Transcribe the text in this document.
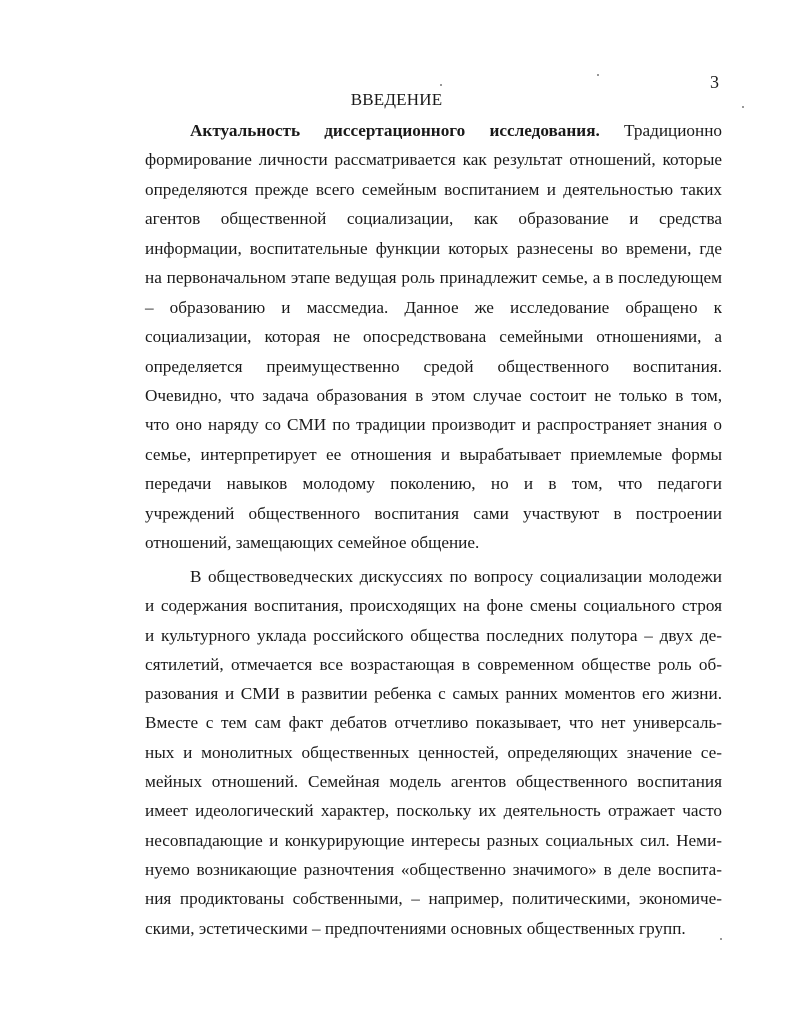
3
ВВЕДЕНИЕ
Актуальность диссертационного исследования. Традиционно
формирование личности рассматривается как результат отношений, которые
определяются прежде всего семейным воспитанием и деятельностью таких
агентов общественной социализации, как образование и средства
информации, воспитательные функции которых разнесены во времени, где
на первоначальном этапе ведущая роль принадлежит семье, а в последующем
– образованию и массмедиа. Данное же исследование обращено к
социализации, которая не опосредствована семейными отношениями, а
определяется преимущественно средой общественного воспитания.
Очевидно, что задача образования в этом случае состоит не только в том,
что оно наряду со СМИ по традиции производит и распространяет знания о
семье, интерпретирует ее отношения и вырабатывает приемлемые формы
передачи навыков молодому поколению, но и в том, что педагоги
учреждений общественного воспитания сами участвуют в построении
отношений, замещающих семейное общение.
В обществоведческих дискуссиях по вопросу социализации молодежи
и содержания воспитания, происходящих на фоне смены социального строя
и культурного уклада российского общества последних полутора – двух де-
сятилетий, отмечается все возрастающая в современном обществе роль об-
разования и СМИ в развитии ребенка с самых ранних моментов его жизни.
Вместе с тем сам факт дебатов отчетливо показывает, что нет универсаль-
ных и монолитных общественных ценностей, определяющих значение се-
мейных отношений. Семейная модель агентов общественного воспитания
имеет идеологический характер, поскольку их деятельность отражает часто
несовпадающие и конкурирующие интересы разных социальных сил. Неми-
нуемо возникающие разночтения «общественно значимого» в деле воспита-
ния продиктованы собственными, – например, политическими, экономиче-
скими, эстетическими – предпочтениями основных общественных групп.
